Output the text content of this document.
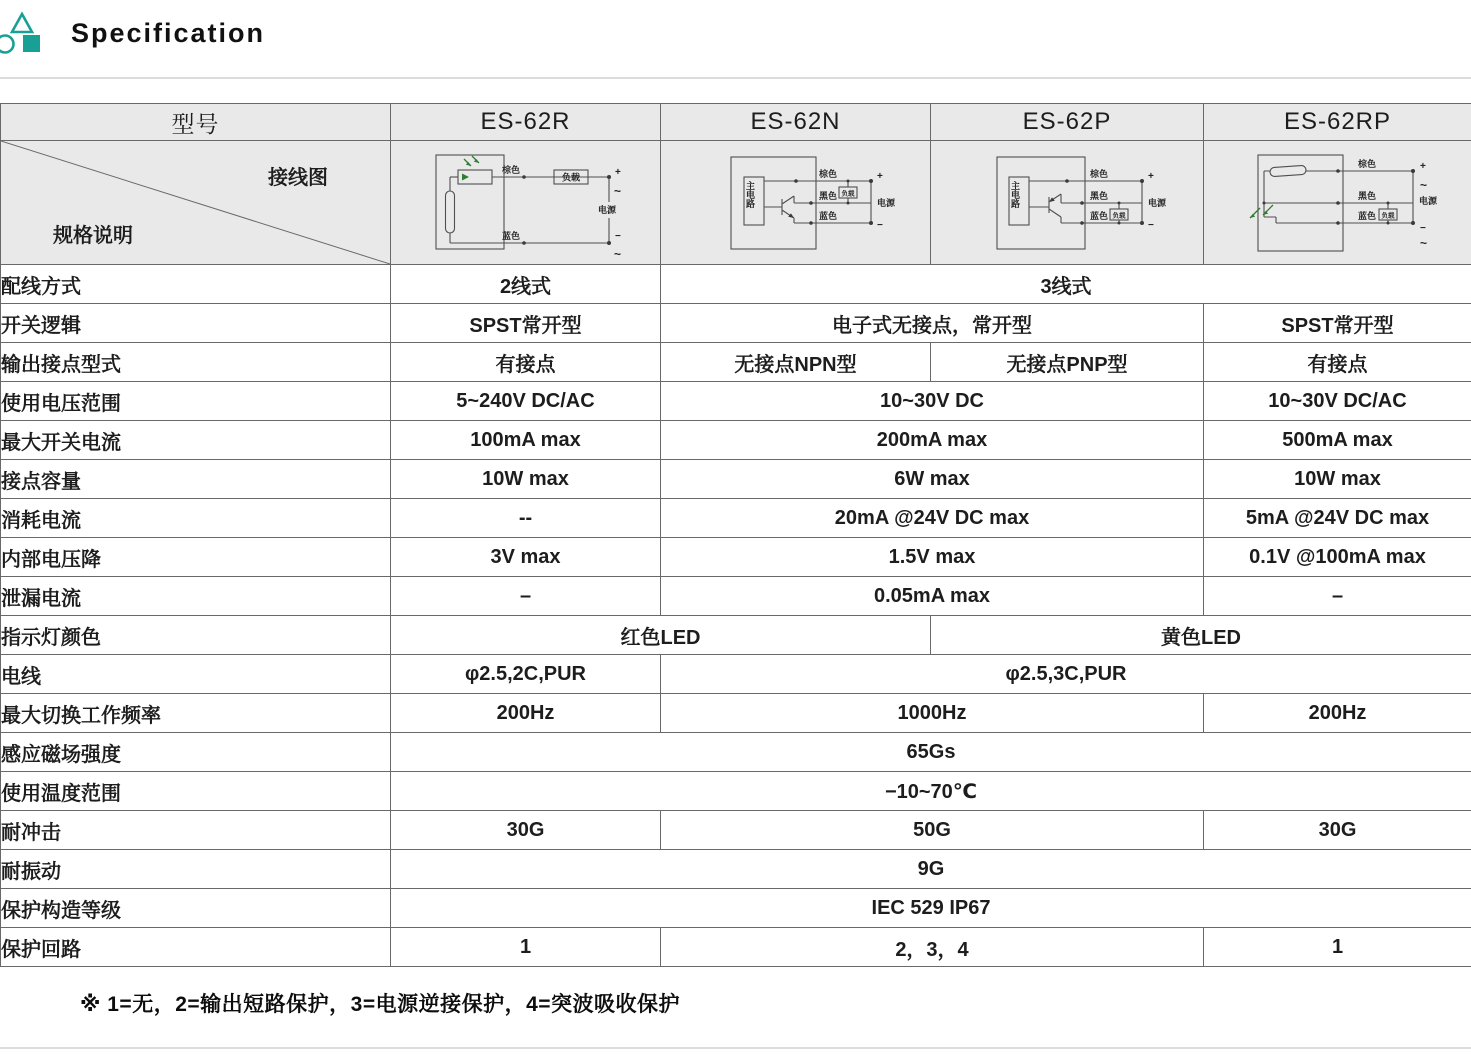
Specification
型号	ES-62R	ES-62N	ES-62P	ES-62RP

接线图
规格说明

棕色
负载
蓝色
电源
+
~
−
~

主电路
棕色
黑色
蓝色
负载
电源
+
−

主电路
棕色
黑色
蓝色 负载
电源
+
−

棕色
黑色
蓝色 负载
电源
+
~
−
~

配线方式	2线式	3线式		
开关逻辑	SPST常开型	电子式无接点，常开型		SPST常开型
输出接点型式	有接点	无接点NPN型	无接点PNP型	有接点
使用电压范围	5~240V DC/AC	10~30V DC		10~30V DC/AC
最大开关电流	100mA max	200mA max		500mA max
接点容量	10W max	6W max		10W max
消耗电流	--	20mA @24V DC max		5mA @24V DC max
内部电压降	3V max	1.5V max		0.1V @100mA max
泄漏电流	–	0.05mA max		–
指示灯颜色	红色LED		黄色LED	
电线	φ2.5,2C,PUR	φ2.5,3C,PUR		
最大切换工作频率	200Hz	1000Hz		200Hz
感应磁场强度	65Gs			
使用温度范围	−10~70℃			
耐冲击	30G	50G		30G
耐振动	9G			
保护构造等级	IEC 529 IP67			
保护回路	1	2，3，4		1
※ 1=无，2=输出短路保护，3=电源逆接保护，4=突波吸收保护
